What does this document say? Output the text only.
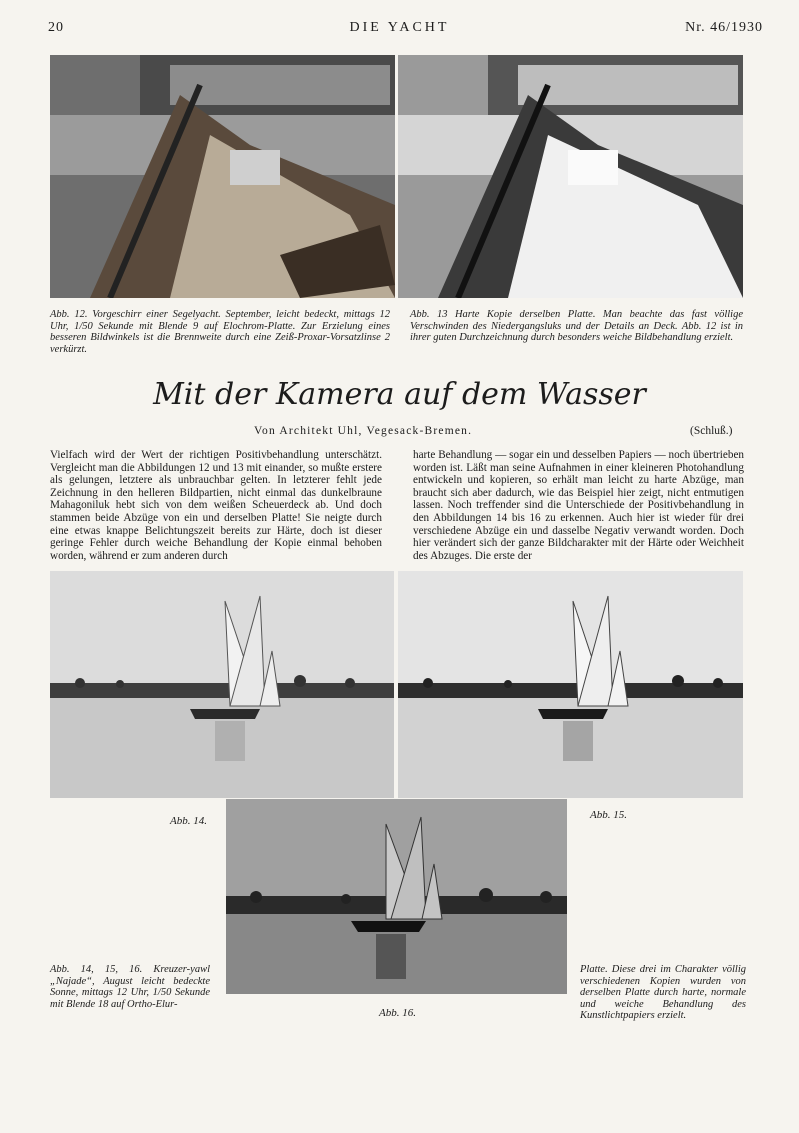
20	DIE YACHT	Nr. 46/1930
Abb. 12. Vorgeschirr einer Segelyacht. September, leicht bedeckt, mittags 12 Uhr, 1/50 Sekunde mit Blende 9 auf Elochrom-Platte. Zur Erzielung eines besseren Bildwinkels ist die Brennweite durch eine Zeiß-Proxar-Vorsatzlinse 2 verkürzt.
Abb. 13 Harte Kopie derselben Platte. Man beachte das fast völlige Verschwinden des Niedergangsluks und der Details an Deck. Abb. 12 ist in ihrer guten Durchzeichnung durch besonders weiche Bildbehandlung erzielt.
Mit der Kamera auf dem Wasser
Von Architekt Uhl, Vegesack-Bremen.	(Schluß.)
Vielfach wird der Wert der richtigen Positivbehandlung unterschätzt. Vergleicht man die Abbildungen 12 und 13 mit einander, so mußte erstere als gelungen, letztere als unbrauchbar gelten. In letzterer fehlt jede Zeichnung in den helleren Bildpartien, nicht einmal das dunkelbraune Mahagoniluk hebt sich von dem weißen Scheuerdeck ab. Und doch stammen beide Abzüge von ein und derselben Platte! Sie neigte durch eine etwas knappe Belichtungszeit bereits zur Härte, doch ist dieser geringe Fehler durch weiche Behandlung der Kopie einmal behoben worden, während er zum anderen durch
harte Behandlung — sogar ein und desselben Papiers — noch übertrieben worden ist. Läßt man seine Aufnahmen in einer kleineren Photohandlung entwickeln und kopieren, so erhält man leicht zu harte Abzüge, man braucht sich aber dadurch, wie das Beispiel hier zeigt, nicht entmutigen lassen. Noch treffender sind die Unterschiede der Positivbehandlung in den Abbildungen 14 bis 16 zu erkennen. Auch hier ist wieder für drei verschiedene Abzüge ein und dasselbe Negativ verwandt worden. Doch hier verändert sich der ganze Bildcharakter mit der Härte oder Weichheit des Abzuges. Die erste der
Abb. 14.	Abb. 15.
Abb. 14, 15, 16. Kreuzer-yawl „Najade“, August leicht bedeckte Sonne, mittags 12 Uhr, 1/50 Sekunde mit Blende 18 auf Ortho-Elur-
Abb. 16.
Platte. Diese drei im Charakter völlig verschiedenen Kopien wurden von derselben Platte durch harte, normale und weiche Behandlung des Kunstlichtpapiers erzielt.
